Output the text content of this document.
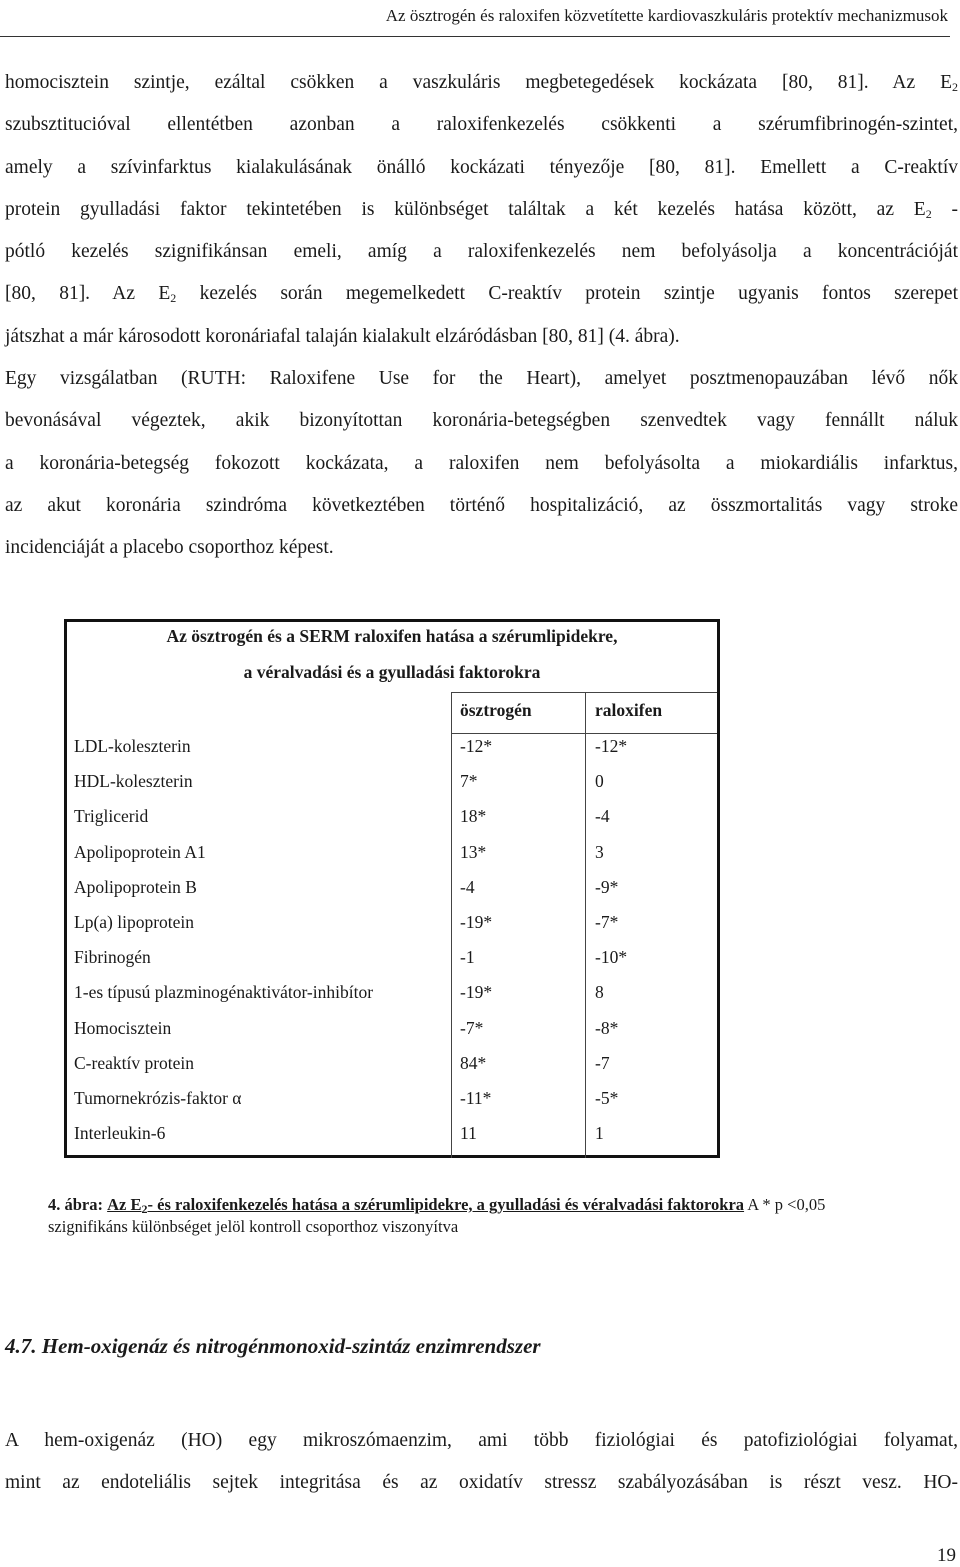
Az ösztrogén és raloxifen közvetítette kardiovaszkuláris protektív mechanizmusok

homocisztein szintje, ezáltal csökken a vaszkuláris megbetegedések kockázata [80, 81]. Az $E_2$
szubsztitucióval ellentétben azonban a raloxifenkezelés csökkenti a szérumfibrinogén-szintet,
amely a szívinfarktus kialakulásának önálló kockázati tényezője [80, 81]. Emellett a C-reaktív
protein gyulladási faktor tekintetében is különbséget találtak a két kezelés hatása között, az $E_2$ -
pótló kezelés szignifikánsan emeli, amíg a raloxifenkezelés nem befolyásolja a koncentrációját
[80, 81]. Az $E_2$ kezelés során megemelkedett C-reaktív protein szintje ugyanis fontos szerepet
játszhat a már károsodott koronáriafal talaján kialakult elzáródásban [80, 81] (4. ábra).

Egy vizsgálatban (RUTH: Raloxifene Use for the Heart), amelyet posztmenopauzában lévő nők
bevonásával végeztek, akik bizonyítottan koronária-betegségben szenvedtek vagy fennállt náluk
a koronária-betegség fokozott kockázata, a raloxifen nem befolyásolta a miokardiális infarktus,
az akut koronária szindróma következtében történő hospitalizáció, az összmortalitás vagy stroke
incidenciáját a placebo csoporthoz képest.

Az ösztrogén és a SERM raloxifen hatása a szérumlipidekre,
a véralvadási és a gyulladási faktorokra
ösztrogén	raloxifen
LDL-koleszterin	-12*	-12*
HDL-koleszterin	7*	0
Triglicerid	18*	-4
Apolipoprotein A1	13*	3
Apolipoprotein B	-4	-9*
Lp(a) lipoprotein	-19*	-7*
Fibrinogén	-1	-10*
1-es típusú plazminogénaktivátor-inhibítor	-19*	8
Homocisztein	-7*	-8*
C-reaktív protein	84*	-7
Tumornekrózis-faktor α	-11*	-5*
Interleukin-6	11	1
4. ábra: Az $E_2-$ és raloxifenkezelés hatása a szérumlipidekre, a gyulladási és véralvadási faktorokra A * p <0,05 szignifikáns különbséget jelöl kontroll csoporthoz viszonyítva
4.7. Hem-oxigenáz és nitrogénmonoxid-szintáz enzimrendszer

A hem-oxigenáz (HO) egy mikroszómaenzim, ami több fiziológiai és patofiziológiai folyamat,
mint az endoteliális sejtek integritása és az oxidatív stressz szabályozásában is részt vesz. HO-

19
